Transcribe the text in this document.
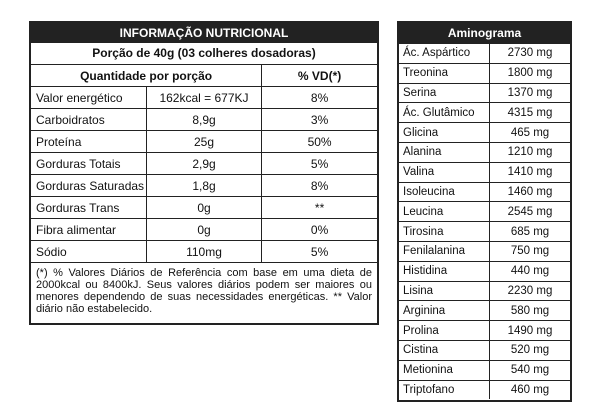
INFORMAÇÃO NUTRICIONAL
Porção de 40g (03 colheres dosadoras)
Quantidade por porção		% VD(*)
Valor energético	162kcal = 677KJ	8%
Carboidratos	8,9g	3%
Proteína	25g	50%
Gorduras Totais	2,9g	5%
Gorduras Saturadas	1,8g	8%
Gorduras Trans	0g	**
Fibra alimentar	0g	0%
Sódio	110mg	5%
(*) % Valores Diários de Referência com base em uma dieta de 2000kcal ou 8400kJ. Seus valores diários podem ser maiores ou menores dependendo de suas necessidades energéticas. ** Valor diário não estabelecido.
Aminograma
Ác. Aspártico	2730 mg
Treonina	1800 mg
Serina	1370 mg
Ác. Glutâmico	4315 mg
Glicina	465 mg
Alanina	1210 mg
Valina	1410 mg
Isoleucina	1460 mg
Leucina	2545 mg
Tirosina	685 mg
Fenilalanina	750 mg
Histidina	440 mg
Lisina	2230 mg
Arginina	580 mg
Prolina	1490 mg
Cistina	520 mg
Metionina	540 mg
Triptofano	460 mg
